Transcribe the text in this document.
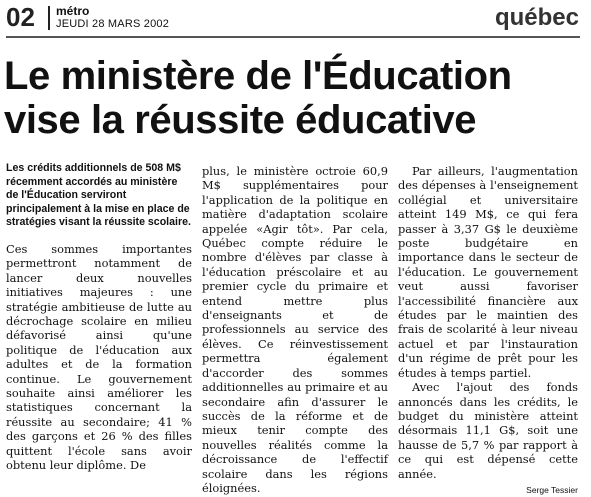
02 métro
JEUDI 28 MARS 2002	québec
Le ministère de l'Éducation
vise la réussite éducative

Les crédits additionnels de 508 M$ récemment accordés au ministère de l'Éducation serviront principalement à la mise en place de stratégies visant la réussite scolaire.

Ces sommes importantes permettront notamment de lancer deux nouvelles initiatives majeures : une stratégie ambitieuse de lutte au décrochage scolaire en milieu défavorisé ainsi qu'une politique de l'éducation aux adultes et de la formation continue. Le gouvernement souhaite ainsi améliorer les statistiques concernant la réussite au secondaire; 41 % des garçons et 26 % des filles quittent l'école sans avoir obtenu leur diplôme. De

plus, le ministère octroie 60,9 M$ supplémentaires pour l'application de la politique en matière d'adaptation scolaire appelée «Agir tôt». Par cela, Québec compte réduire le nombre d'élèves par classe à l'éducation préscolaire et au premier cycle du primaire et entend mettre plus d'enseignants et de professionnels au service des élèves. Ce réinvestissement permettra également d'accorder des sommes additionnelles au primaire et au secondaire afin d'assurer le succès de la réforme et de mieux tenir compte des nouvelles réalités comme la décroissance de l'effectif scolaire dans les régions éloignées.

Par ailleurs, l'augmentation des dépenses à l'enseignement collégial et universitaire atteint 149 M$, ce qui fera passer à 3,37 G$ le deuxième poste budgétaire en importance dans le secteur de l'éducation. Le gouvernement veut aussi favoriser l'accessibilité financière aux études par le maintien des frais de scolarité à leur niveau actuel et par l'instauration d'un régime de prêt pour les études à temps partiel.

Avec l'ajout des fonds annoncés dans les crédits, le budget du ministère atteint désormais 11,1 G$, soit une hausse de 5,7 % par rapport à ce qui est dépensé cette année.

Serge Tessier
